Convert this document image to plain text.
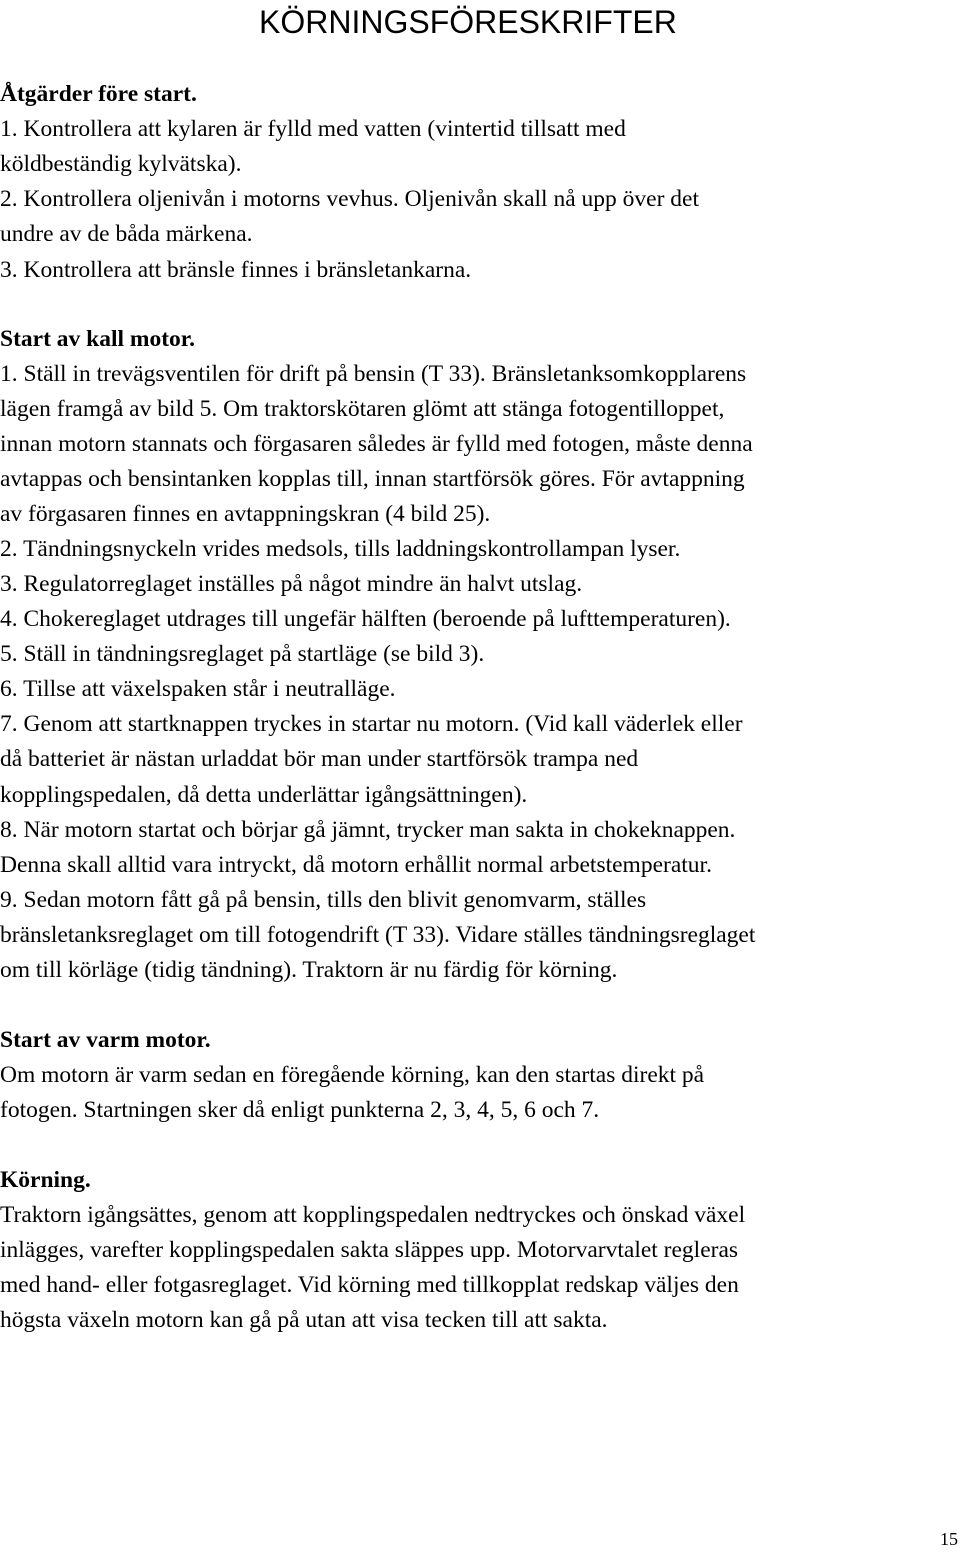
KÖRNINGSFÖRESKRIFTER
Åtgärder före start.
1. Kontrollera att kylaren är fylld med vatten (vintertid tillsatt med
köldbeständig kylvätska).
2. Kontrollera oljenivån i motorns vevhus. Oljenivån skall nå upp över det
undre av de båda märkena.
3. Kontrollera att bränsle finnes i bränsletankarna.
Start av kall motor.
1. Ställ in trevägsventilen för drift på bensin (T 33). Bränsletanksomkopplarens
lägen framgå av bild 5. Om traktorskötaren glömt att stänga fotogentilloppet,
innan motorn stannats och förgasaren således är fylld med fotogen, måste denna
avtappas och bensintanken kopplas till, innan startförsök göres. För avtappning
av förgasaren finnes en avtappningskran (4 bild 25).
2. Tändningsnyckeln vrides medsols, tills laddningskontrollampan lyser.
3. Regulatorreglaget inställes på något mindre än halvt utslag.
4. Chokereglaget utdrages till ungefär hälften (beroende på lufttemperaturen).
5. Ställ in tändningsreglaget på startläge (se bild 3).
6. Tillse att växelspaken står i neutralläge.
7. Genom att startknappen tryckes in startar nu motorn. (Vid kall väderlek eller
då batteriet är nästan urladdat bör man under startförsök trampa ned
kopplingspedalen, då detta underlättar igångsättningen).
8. När motorn startat och börjar gå jämnt, trycker man sakta in chokeknappen.
Denna skall alltid vara intryckt, då motorn erhållit normal arbetstemperatur.
9. Sedan motorn fått gå på bensin, tills den blivit genomvarm, ställes
bränsletanksreglaget om till fotogendrift (T 33). Vidare ställes tändningsreglaget
om till körläge (tidig tändning). Traktorn är nu färdig för körning.
Start av varm motor.
Om motorn är varm sedan en föregående körning, kan den startas direkt på
fotogen. Startningen sker då enligt punkterna 2, 3, 4, 5, 6 och 7.
Körning.
Traktorn igångsättes, genom att kopplingspedalen nedtryckes och önskad växel
inlägges, varefter kopplingspedalen sakta släppes upp. Motorvarvtalet regleras
med hand- eller fotgasreglaget. Vid körning med tillkopplat redskap väljes den
högsta växeln motorn kan gå på utan att visa tecken till att sakta.
15
